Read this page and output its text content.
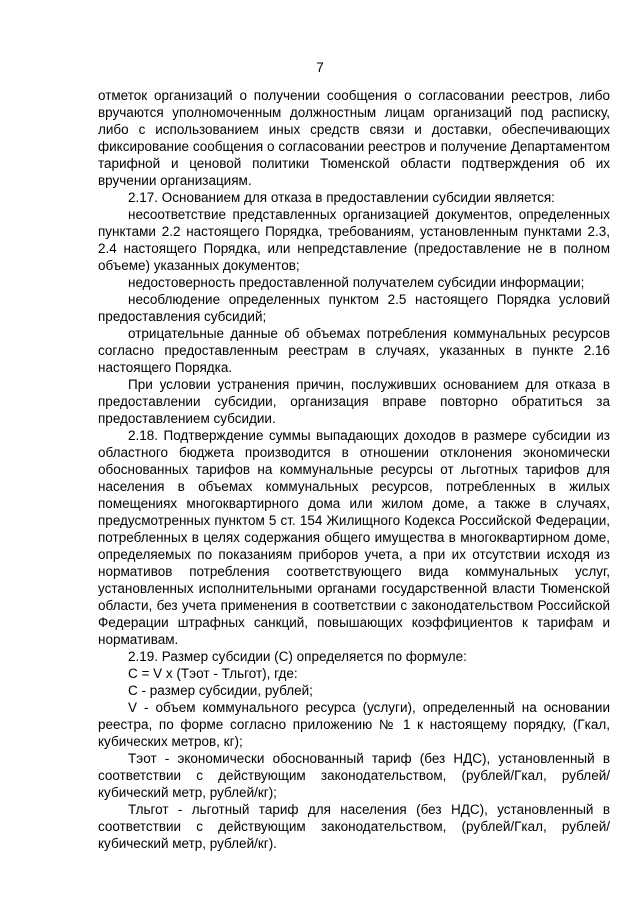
7

отметок организаций о получении сообщения о согласовании реестров, либо вручаются уполномоченным должностным лицам организаций под расписку, либо с использованием иных средств связи и доставки, обеспечивающих фиксирование сообщения о согласовании реестров и получение Департаментом тарифной и ценовой политики Тюменской области подтверждения об их вручении организациям.

2.17. Основанием для отказа в предоставлении субсидии является:

несоответствие представленных организацией документов, определенных пунктами 2.2 настоящего Порядка, требованиям, установленным пунктами 2.3, 2.4 настоящего Порядка, или непредставление (предоставление не в полном объеме) указанных документов;

недостоверность предоставленной получателем субсидии информации;

несоблюдение определенных пунктом 2.5 настоящего Порядка условий предоставления субсидий;

отрицательные данные об объемах потребления коммунальных ресурсов согласно предоставленным реестрам в случаях, указанных в пункте 2.16 настоящего Порядка.

При условии устранения причин, послуживших основанием для отказа в предоставлении субсидии, организация вправе повторно обратиться за предоставлением субсидии.

2.18. Подтверждение суммы выпадающих доходов в размере субсидии из областного бюджета производится в отношении отклонения экономически обоснованных тарифов на коммунальные ресурсы от льготных тарифов для населения в объемах коммунальных ресурсов, потребленных в жилых помещениях многоквартирного дома или жилом доме, а также в случаях, предусмотренных пунктом 5 ст. 154 Жилищного Кодекса Российской Федерации, потребленных в целях содержания общего имущества в многоквартирном доме, определяемых по показаниям приборов учета, а при их отсутствии исходя из нормативов потребления соответствующего вида коммунальных услуг, установленных исполнительными органами государственной власти Тюменской области, без учета применения в соответствии с законодательством Российской Федерации штрафных санкций, повышающих коэффициентов к тарифам и нормативам.

2.19. Размер субсидии (С) определяется по формуле:

С = V x (Тэот - Тльгот), где:

С - размер субсидии, рублей;

V - объем коммунального ресурса (услуги), определенный на основании реестра, по форме согласно приложению № 1 к настоящему порядку, (Гкал, кубических метров, кг);

Тэот - экономически обоснованный тариф (без НДС), установленный в соответствии с действующим законодательством, (рублей/Гкал, рублей/кубический метр, рублей/кг);

Тльгот - льготный тариф для населения (без НДС), установленный в соответствии с действующим законодательством, (рублей/Гкал, рублей/кубический метр, рублей/кг).
